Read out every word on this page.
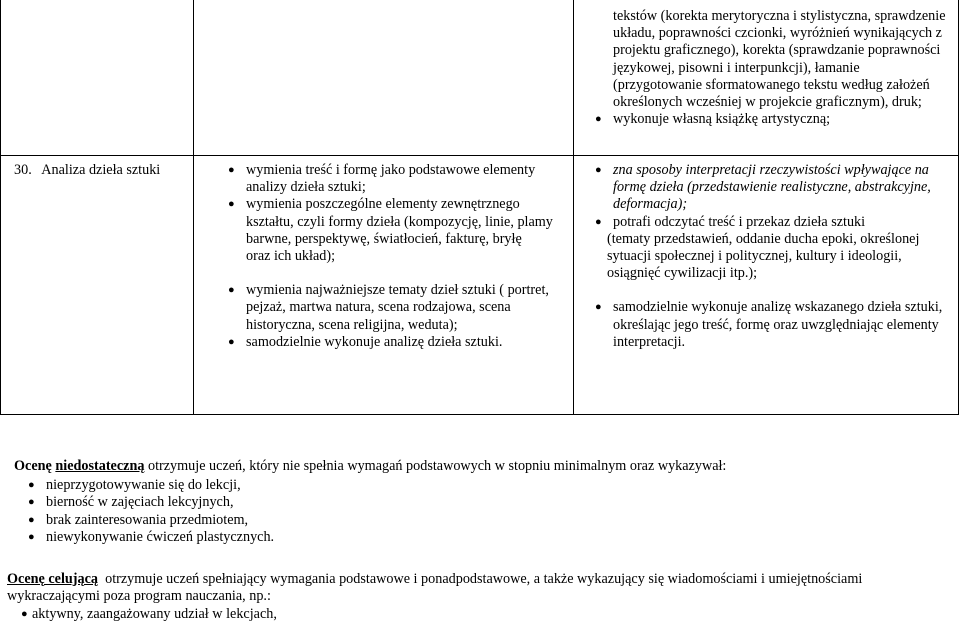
tekstów (korekta merytoryczna i stylistyczna, sprawdzenie układu, poprawności czcionki, wyróżnień wynikających z projektu graficznego), korekta (sprawdzanie poprawności językowej, pisowni i interpunkcji), łamanie (przygotowanie sformatowanego tekstu według założeń określonych wcześniej w projekcie graficznym), druk;
● wykonuje własną książkę artystyczną;
30. Analiza dzieła sztuki
●	wymienia treść i formę jako podstawowe elementy analizy dzieła sztuki;
● wymienia poszczególne elementy zewnętrznego kształtu, czyli formy dzieła (kompozycję, linie, plamy barwne, perspektywę, światłocień, fakturę, bryłę
oraz ich układ);
● wymienia najważniejsze tematy dzieł sztuki ( portret, pejzaż, martwa natura, scena rodzajowa, scena historyczna, scena religijna, weduta);
● samodzielnie wykonuje analizę dzieła sztuki.
● zna sposoby interpretacji rzeczywistości wpływające na formę dzieła (przedstawienie realistyczne, abstrakcyjne, deformacja);
● potrafi odczytać treść i przekaz dzieła sztuki
(tematy przedstawień, oddanie ducha epoki, określonej sytuacji społecznej i politycznej, kultury i ideologii, osiągnięć cywilizacji itp.);
● samodzielnie wykonuje analizę wskazanego dzieła sztuki, określając jego treść, formę oraz uwzględniając elementy interpretacji.
Ocenę niedostateczną otrzymuje uczeń, który nie spełnia wymagań podstawowych w stopniu minimalnym oraz wykazywał:
● nieprzygotowywanie się do lekcji,
● bierność w zajęciach lekcyjnych,
● brak zainteresowania przedmiotem,
● niewykonywanie ćwiczeń plastycznych.
Ocenę celującą  otrzymuje uczeń spełniający wymagania podstawowe i ponadpodstawowe, a także wykazujący się wiadomościami i umiejętnościami wykraczającymi poza program nauczania, np.:
● aktywny, zaangażowany udział w lekcjach,
